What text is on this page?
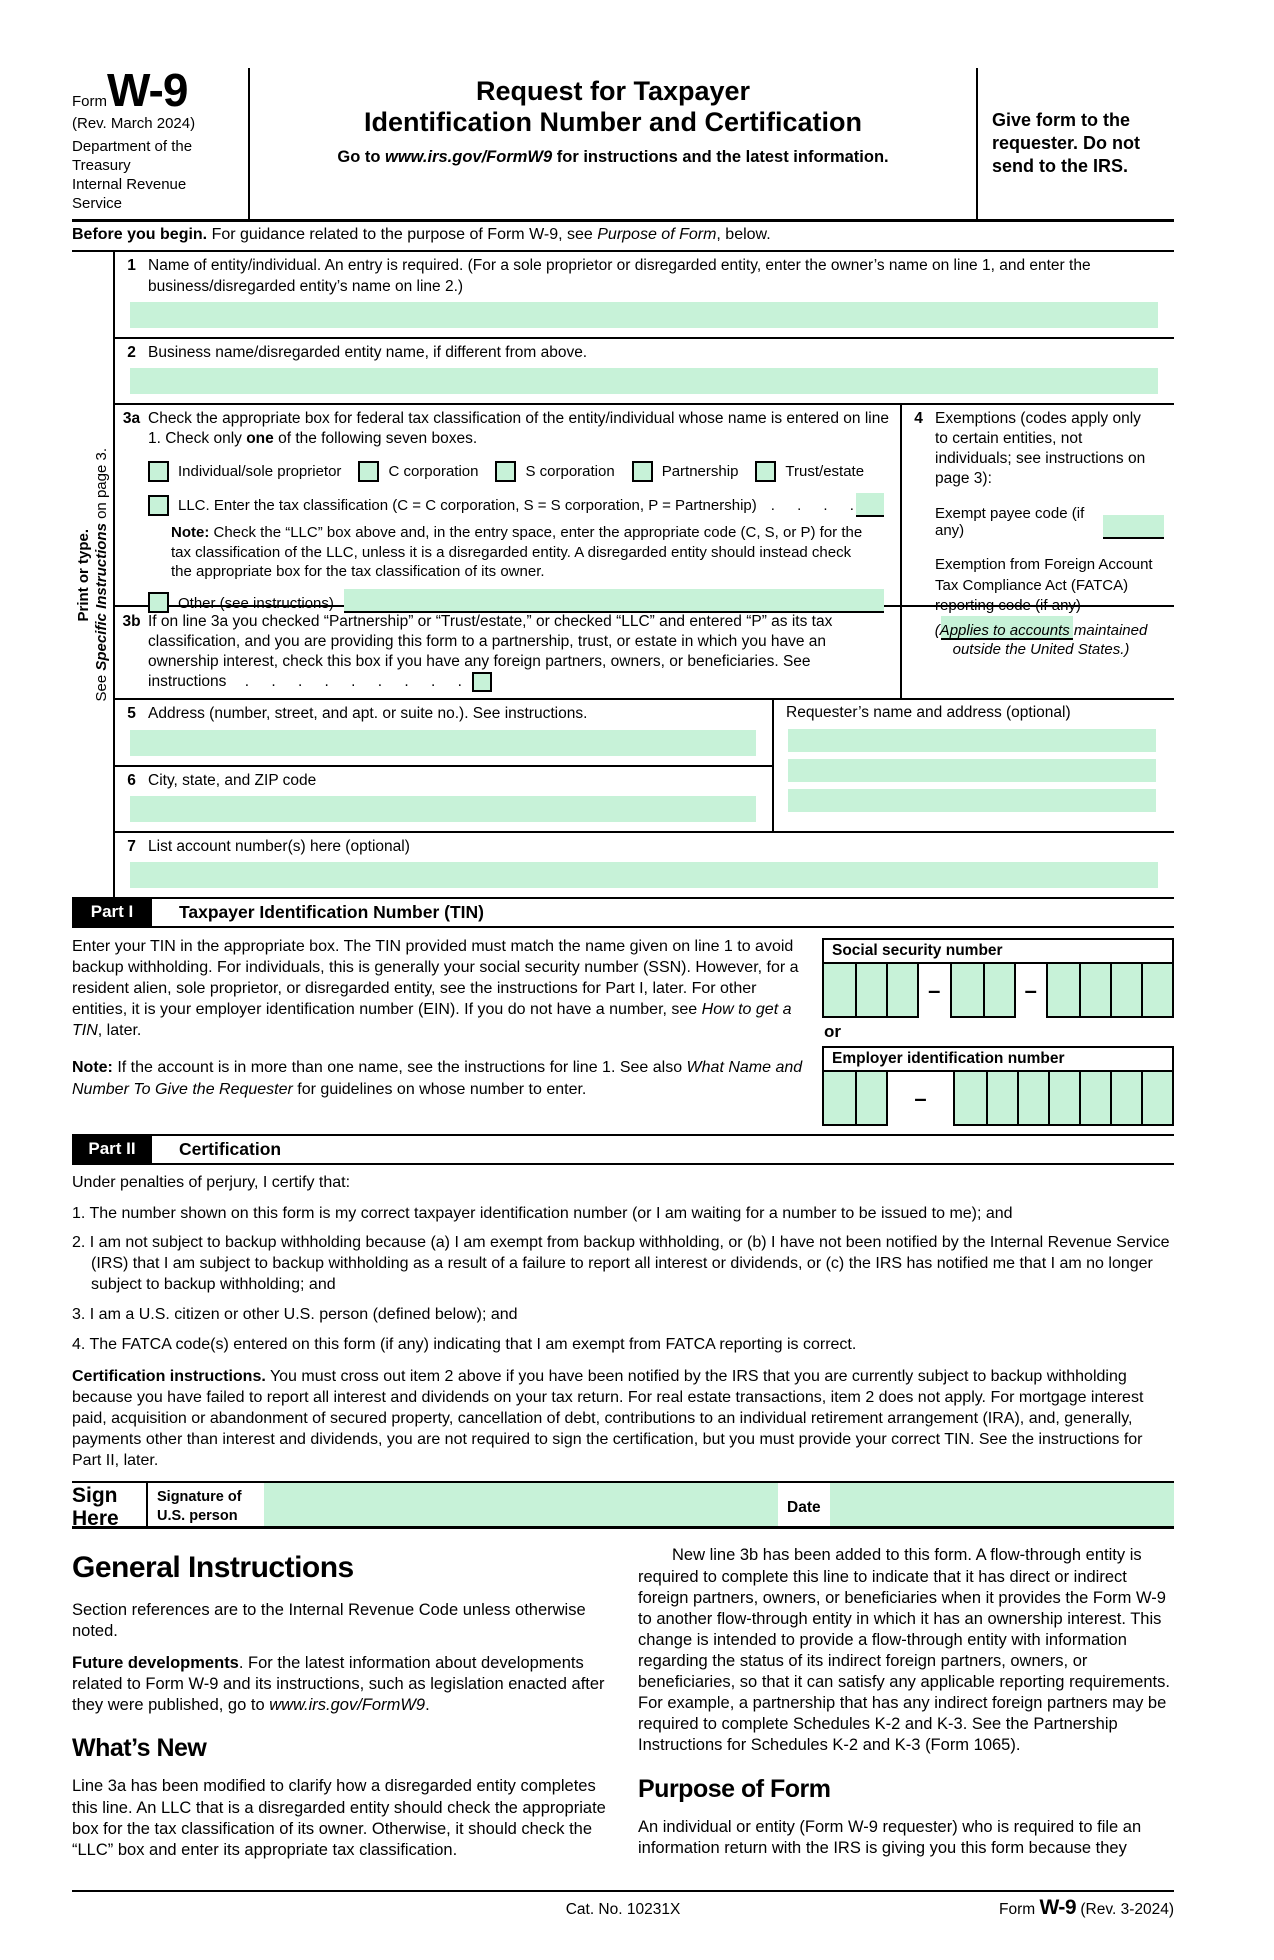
Form W-9
(Rev. March 2024)
Department of the Treasury
Internal Revenue Service
Request for Taxpayer
Identification Number and Certification
Go to www.irs.gov/FormW9 for instructions and the latest information.
Give form to the requester. Do not send to the IRS.
Before you begin. For guidance related to the purpose of Form W-9, see Purpose of Form, below.
Print or type.
See Specific Instructions on page 3.
1 Name of entity/individual. An entry is required. (For a sole proprietor or disregarded entity, enter the owner’s name on line 1, and enter the business/disregarded entity’s name on line 2.)
2 Business name/disregarded entity name, if different from above.
3a Check the appropriate box for federal tax classification of the entity/individual whose name is entered on line 1. Check only one of the following seven boxes.
Individual/sole proprietor	C corporation	S corporation	Partnership	Trust/estate
LLC. Enter the tax classification (C = C corporation, S = S corporation, P = Partnership) . . . .
Note: Check the “LLC” box above and, in the entry space, enter the appropriate code (C, S, or P) for the tax classification of the LLC, unless it is a disregarded entity. A disregarded entity should instead check the appropriate box for the tax classification of its owner.
Other (see instructions)
3b If on line 3a you checked “Partnership” or “Trust/estate,” or checked “LLC” and entered “P” as its tax classification, and you are providing this form to a partnership, trust, or estate in which you have an ownership interest, check this box if you have any foreign partners, owners, or beneficiaries. See instructions . . . . . . . . .
4 Exemptions (codes apply only to certain entities, not individuals; see instructions on page 3):
Exempt payee code (if any)
Exemption from Foreign Account Tax Compliance Act (FATCA) reporting code (if any)
(Applies to accounts maintained outside the United States.)
5 Address (number, street, and apt. or suite no.). See instructions.
6 City, state, and ZIP code
Requester’s name and address (optional)
7 List account number(s) here (optional)
Part I	Taxpayer Identification Number (TIN)

Enter your TIN in the appropriate box. The TIN provided must match the name given on line 1 to avoid backup withholding. For individuals, this is generally your social security number (SSN). However, for a resident alien, sole proprietor, or disregarded entity, see the instructions for Part I, later. For other entities, it is your employer identification number (EIN). If you do not have a number, see How to get a TIN, later.

Note: If the account is in more than one name, see the instructions for line 1. See also What Name and Number To Give the Requester for guidelines on whose number to enter.

Social security number
–	–
or
Employer identification number
–
Part II	Certification
Under penalties of perjury, I certify that:
1. The number shown on this form is my correct taxpayer identification number (or I am waiting for a number to be issued to me); and
2. I am not subject to backup withholding because (a) I am exempt from backup withholding, or (b) I have not been notified by the Internal Revenue Service (IRS) that I am subject to backup withholding as a result of a failure to report all interest or dividends, or (c) the IRS has notified me that I am no longer subject to backup withholding; and
3. I am a U.S. citizen or other U.S. person (defined below); and
4. The FATCA code(s) entered on this form (if any) indicating that I am exempt from FATCA reporting is correct.
Certification instructions. You must cross out item 2 above if you have been notified by the IRS that you are currently subject to backup withholding because you have failed to report all interest and dividends on your tax return. For real estate transactions, item 2 does not apply. For mortgage interest paid, acquisition or abandonment of secured property, cancellation of debt, contributions to an individual retirement arrangement (IRA), and, generally, payments other than interest and dividends, you are not required to sign the certification, but you must provide your correct TIN. See the instructions for Part II, later.
Sign
Here
Signature of
U.S. person	Date
General Instructions

Section references are to the Internal Revenue Code unless otherwise noted.

Future developments. For the latest information about developments related to Form W-9 and its instructions, such as legislation enacted after they were published, go to www.irs.gov/FormW9.

What’s New

Line 3a has been modified to clarify how a disregarded entity completes this line. An LLC that is a disregarded entity should check the appropriate box for the tax classification of its owner. Otherwise, it should check the “LLC” box and enter its appropriate tax classification.

New line 3b has been added to this form. A flow-through entity is required to complete this line to indicate that it has direct or indirect foreign partners, owners, or beneficiaries when it provides the Form W-9 to another flow-through entity in which it has an ownership interest. This change is intended to provide a flow-through entity with information regarding the status of its indirect foreign partners, owners, or beneficiaries, so that it can satisfy any applicable reporting requirements. For example, a partnership that has any indirect foreign partners may be required to complete Schedules K-2 and K-3. See the Partnership Instructions for Schedules K-2 and K-3 (Form 1065).

Purpose of Form

An individual or entity (Form W-9 requester) who is required to file an information return with the IRS is giving you this form because they

Cat. No. 10231X	Form W-9 (Rev. 3-2024)
